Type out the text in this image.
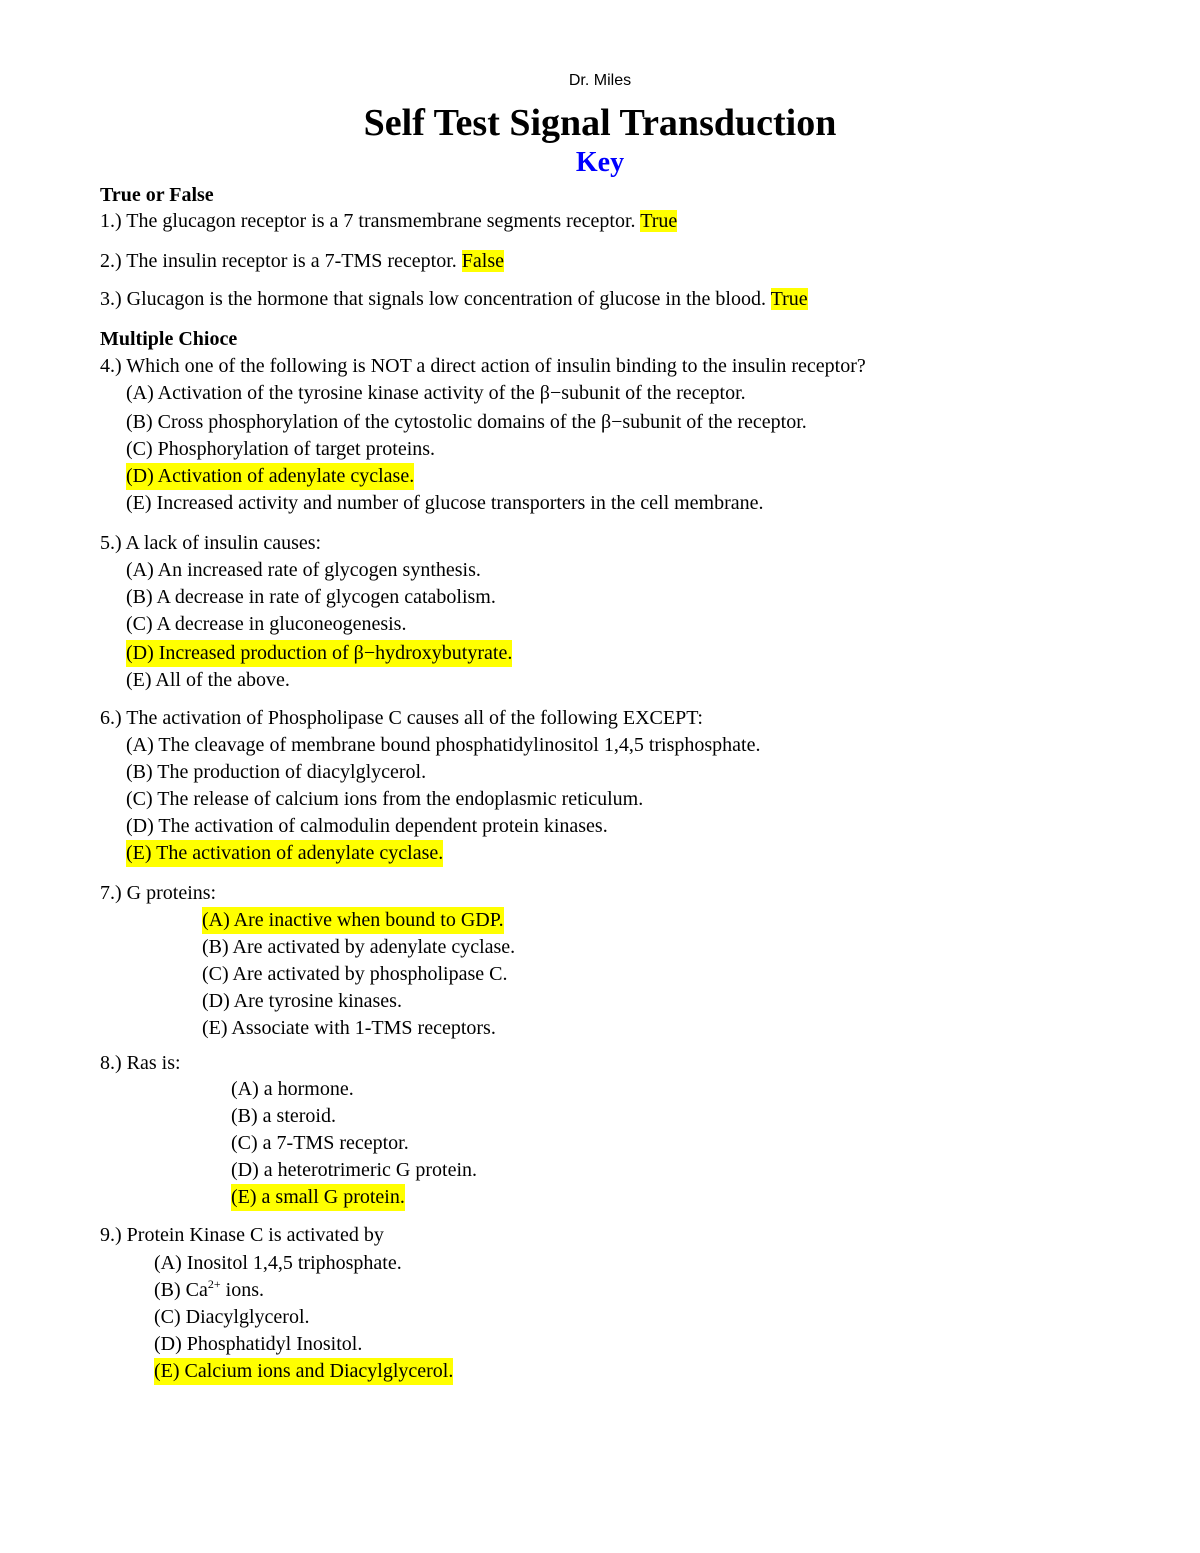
Dr. Miles
Self Test Signal Transduction
Key
True or False
1.) The glucagon receptor is a 7 transmembrane segments receptor. True
2.) The insulin receptor is a 7-TMS receptor. False
3.) Glucagon is the hormone that signals low concentration of glucose in the blood. True
Multiple Chioce
4.) Which one of the following is NOT a direct action of insulin binding to the insulin receptor?
(A) Activation of the tyrosine kinase activity of the β−subunit of the receptor.
(B) Cross phosphorylation of the cytostolic domains of the β−subunit of the receptor.
(C) Phosphorylation of target proteins.
(D) Activation of adenylate cyclase.
(E) Increased activity and number of glucose transporters in the cell membrane.
5.) A lack of insulin causes:
(A) An increased rate of glycogen synthesis.
(B) A decrease in rate of glycogen catabolism.
(C) A decrease in gluconeogenesis.
(D) Increased production of β−hydroxybutyrate.
(E) All of the above.
6.) The activation of Phospholipase C causes all of the following EXCEPT:
(A) The cleavage of membrane bound phosphatidylinositol 1,4,5 trisphosphate.
(B) The production of diacylglycerol.
(C) The release of calcium ions from the endoplasmic reticulum.
(D) The activation of calmodulin dependent protein kinases.
(E) The activation of adenylate cyclase.
7.) G proteins:
(A) Are inactive when bound to GDP.
(B) Are activated by adenylate cyclase.
(C) Are activated by phospholipase C.
(D) Are tyrosine kinases.
(E) Associate with 1-TMS receptors.
8.) Ras is:
(A) a hormone.
(B) a steroid.
(C) a 7-TMS receptor.
(D) a heterotrimeric G protein.
(E) a small G protein.
9.) Protein Kinase C is activated by
(A) Inositol 1,4,5 triphosphate.
(B) $Ca^{2+}$ ions.
(C) Diacylglycerol.
(D) Phosphatidyl Inositol.
(E) Calcium ions and Diacylglycerol.
